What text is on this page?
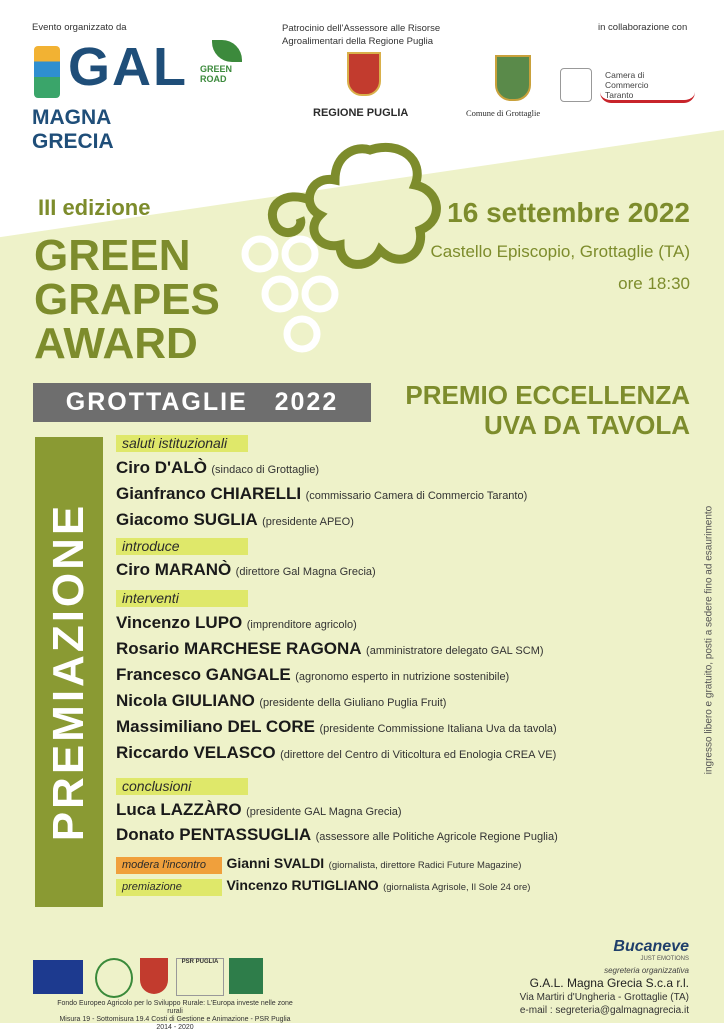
Evento organizzato da
GAL
MAGNA GRECIA
GREEN ROAD
Patrocinio dell'Assessore alle Risorse Agroalimentari della Regione Puglia
REGIONE PUGLIA
in collaborazione con
Comune di Grottaglie
Camera di Commercio Taranto
III edizione
GREEN
GRAPES
AWARD
GROTTAGLIE   2022
16 settembre 2022
Castello Episcopio, Grottaglie (TA)
ore 18:30
PREMIO ECCELLENZA
UVA DA TAVOLA
ingresso libero e gratuito, posti a sedere fino ad esaurimento
PREMIAZIONE
saluti istituzionali
Ciro D'ALÒ (sindaco di Grottaglie)
Gianfranco CHIARELLI (commissario Camera di Commercio Taranto)
Giacomo SUGLIA (presidente APEO)
introduce
Ciro MARANÒ (direttore Gal Magna Grecia)
interventi
Vincenzo LUPO (imprenditore agricolo)
Rosario MARCHESE RAGONA (amministratore delegato GAL SCM)
Francesco GANGALE (agronomo esperto in nutrizione sostenibile)
Nicola GIULIANO (presidente della Giuliano Puglia Fruit)
Massimiliano DEL CORE (presidente Commissione Italiana Uva da tavola)
Riccardo VELASCO (direttore del Centro di Viticoltura ed Enologia CREA VE)
conclusioni
Luca LAZZÀRO (presidente GAL Magna Grecia)
Donato PENTASSUGLIA (assessore alle Politiche Agricole Regione Puglia)
modera l'incontro Gianni SVALDI (giornalista, direttore Radici Future Magazine)
premiazione	Vincenzo RUTIGLIANO (giornalista Agrisole, Il Sole 24 ore)
PSR PUGLIA
Fondo Europeo Agricolo per lo Sviluppo Rurale: L'Europa investe nelle zone rurali
Misura 19 - Sottomisura 19.4 Costi di Gestione e Animazione - PSR Puglia 2014 - 2020
Bucaneve
JUST EMOTIONS
segreteria organizzativa
G.A.L. Magna Grecia S.c.a r.l.
Via Martiri d'Ungheria - Grottaglie (TA)
e-mail : segreteria@galmagnagrecia.it
